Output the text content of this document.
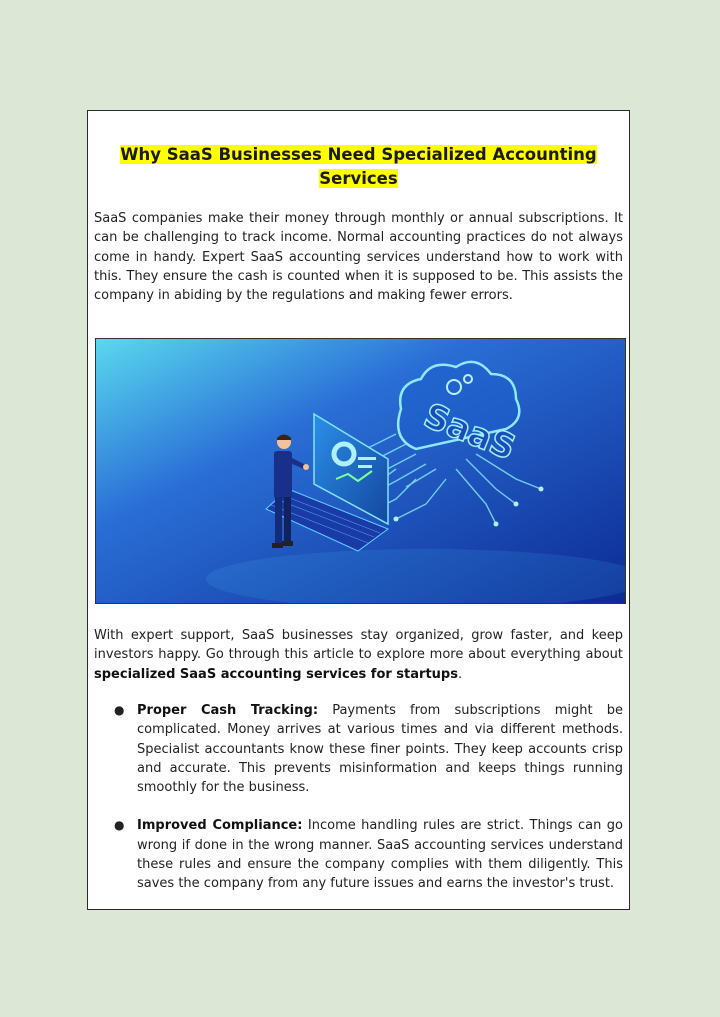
Why SaaS Businesses Need Specialized Accounting Services

SaaS companies make their money through monthly or annual subscriptions. It can be challenging to track income. Normal accounting practices do not always come in handy. Expert SaaS accounting services understand how to work with this. They ensure the cash is counted when it is supposed to be. This assists the company in abiding by the regulations and making fewer errors.

SaaS

With expert support, SaaS businesses stay organized, grow faster, and keep investors happy. Go through this article to explore more about everything about specialized SaaS accounting services for startups.

● Proper Cash Tracking: Payments from subscriptions might be complicated. Money arrives at various times and via different methods. Specialist accountants know these finer points. They keep accounts crisp and accurate. This prevents misinformation and keeps things running smoothly for the business.
● Improved Compliance: Income handling rules are strict. Things can go wrong if done in the wrong manner. SaaS accounting services understand these rules and ensure the company complies with them diligently. This saves the company from any future issues and earns the investor's trust.
